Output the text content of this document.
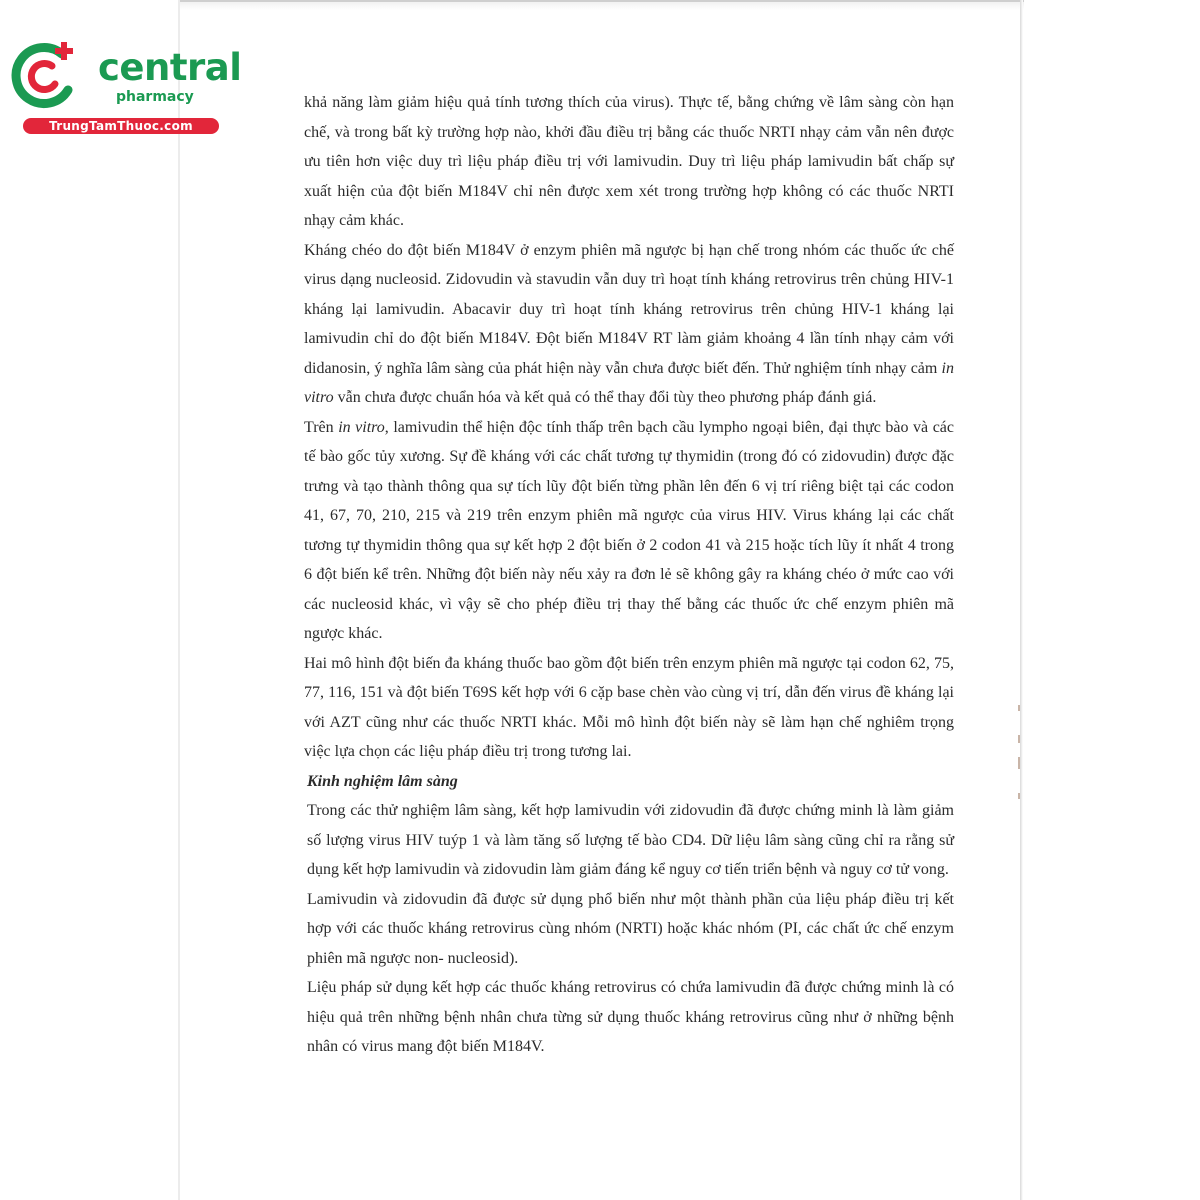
central
pharmacy
TrungTamThuoc.com

khả năng làm giảm hiệu quả tính tương thích của virus). Thực tế, bằng chứng về lâm sàng còn hạn chế, và trong bất kỳ trường hợp nào, khởi đầu điều trị bằng các thuốc NRTI nhạy cảm vẫn nên được ưu tiên hơn việc duy trì liệu pháp điều trị với lamivudin. Duy trì liệu pháp lamivudin bất chấp sự xuất hiện của đột biến M184V chỉ nên được xem xét trong trường hợp không có các thuốc NRTI nhạy cảm khác.

Kháng chéo do đột biến M184V ở enzym phiên mã ngược bị hạn chế trong nhóm các thuốc ức chế virus dạng nucleosid. Zidovudin và stavudin vẫn duy trì hoạt tính kháng retrovirus trên chủng HIV-1 kháng lại lamivudin. Abacavir duy trì hoạt tính kháng retrovirus trên chủng HIV-1 kháng lại lamivudin chỉ do đột biến M184V. Đột biến M184V RT làm giảm khoảng 4 lần tính nhạy cảm với didanosin, ý nghĩa lâm sàng của phát hiện này vẫn chưa được biết đến. Thử nghiệm tính nhạy cảm in vitro vẫn chưa được chuẩn hóa và kết quả có thể thay đổi tùy theo phương pháp đánh giá.

Trên in vitro, lamivudin thể hiện độc tính thấp trên bạch cầu lympho ngoại biên, đại thực bào và các tế bào gốc tủy xương. Sự đề kháng với các chất tương tự thymidin (trong đó có zidovudin) được đặc trưng và tạo thành thông qua sự tích lũy đột biến từng phần lên đến 6 vị trí riêng biệt tại các codon 41, 67, 70, 210, 215 và 219 trên enzym phiên mã ngược của virus HIV. Virus kháng lại các chất tương tự thymidin thông qua sự kết hợp 2 đột biến ở 2 codon 41 và 215 hoặc tích lũy ít nhất 4 trong 6 đột biến kể trên. Những đột biến này nếu xảy ra đơn lẻ sẽ không gây ra kháng chéo ở mức cao với các nucleosid khác, vì vậy sẽ cho phép điều trị thay thế bằng các thuốc ức chế enzym phiên mã ngược khác.

Hai mô hình đột biến đa kháng thuốc bao gồm đột biến trên enzym phiên mã ngược tại codon 62, 75, 77, 116, 151 và đột biến T69S kết hợp với 6 cặp base chèn vào cùng vị trí, dẫn đến virus đề kháng lại với AZT cũng như các thuốc NRTI khác. Mỗi mô hình đột biến này sẽ làm hạn chế nghiêm trọng việc lựa chọn các liệu pháp điều trị trong tương lai.

Kinh nghiệm lâm sàng

Trong các thử nghiệm lâm sàng, kết hợp lamivudin với zidovudin đã được chứng minh là làm giảm số lượng virus HIV tuýp 1 và làm tăng số lượng tế bào CD4. Dữ liệu lâm sàng cũng chỉ ra rằng sử dụng kết hợp lamivudin và zidovudin làm giảm đáng kể nguy cơ tiến triển bệnh và nguy cơ tử vong.

Lamivudin và zidovudin đã được sử dụng phổ biến như một thành phần của liệu pháp điều trị kết hợp với các thuốc kháng retrovirus cùng nhóm (NRTI) hoặc khác nhóm (PI, các chất ức chế enzym phiên mã ngược non- nucleosid).

Liệu pháp sử dụng kết hợp các thuốc kháng retrovirus có chứa lamivudin đã được chứng minh là có hiệu quả trên những bệnh nhân chưa từng sử dụng thuốc kháng retrovirus cũng như ở những bệnh nhân có virus mang đột biến M184V.
